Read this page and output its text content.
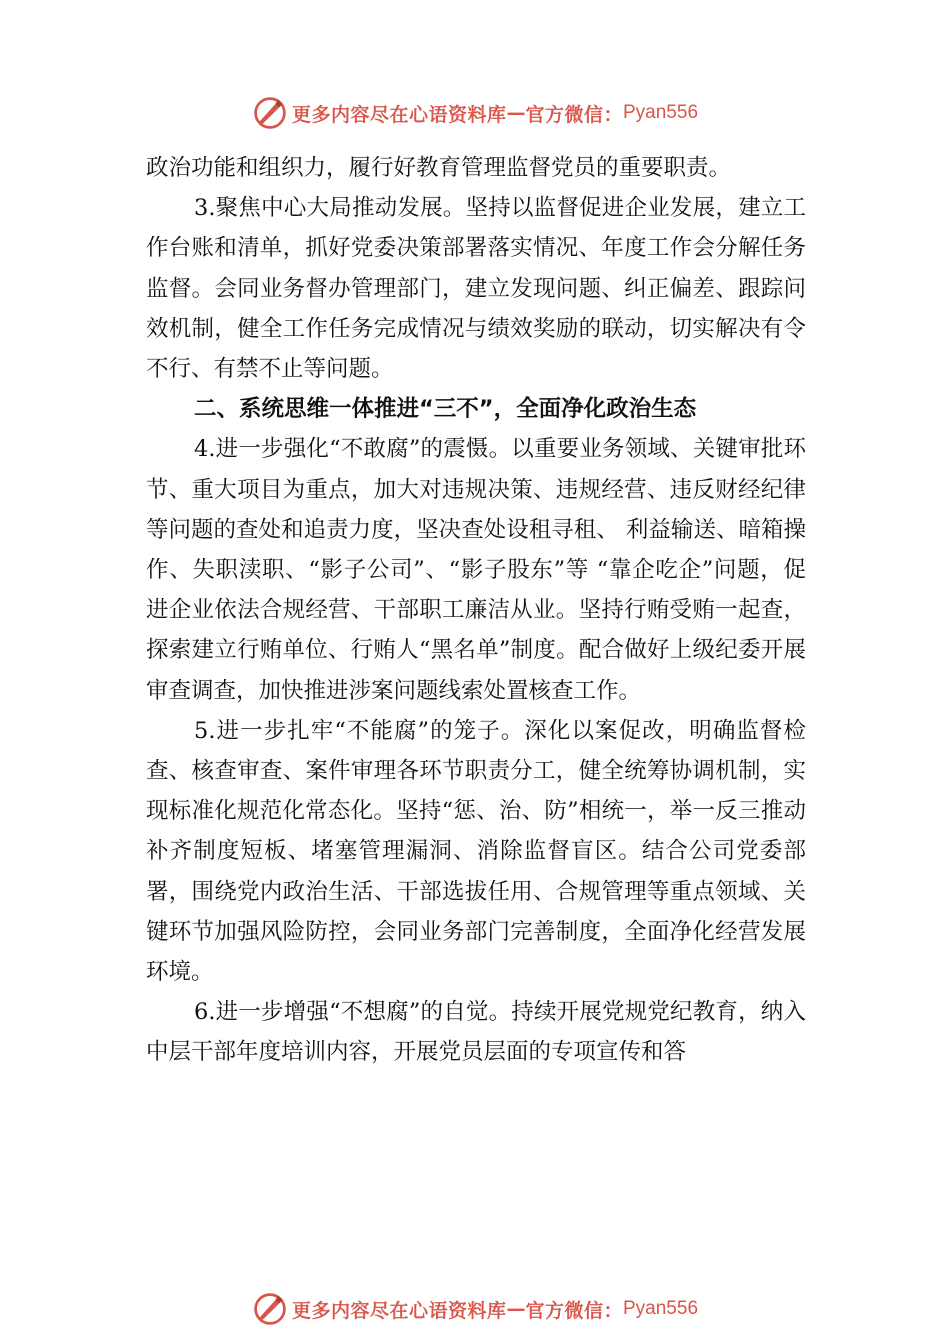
更多内容尽在心语资料库 — 官方微信： Pyan556

政治功能和组织力，履行好教育管理监督党员的重要职责。

3.聚焦中心大局推动发展。坚持以监督促进企业发展，建立工作台账和清单，抓好党委决策部署落实情况、年度工作会分解任务监督。会同业务督办管理部门，建立发现问题、纠正偏差、跟踪问效机制，健全工作任务完成情况与绩效奖励的联动，切实解决有令不行、有禁不止等问题。

二、系统思维一体推进“三不”，全面净化政治生态

4.进一步强化“不敢腐”的震慑。以重要业务领域、关键审批环节、重大项目为重点，加大对违规决策、违规经营、违反财经纪律等问题的查处和追责力度，坚决查处设租寻租、 利益输送、暗箱操作、失职渎职、“影子公司”、“影子股东”等 “靠企吃企”问题，促进企业依法合规经营、干部职工廉洁从业。坚持行贿受贿一起查，探索建立行贿单位、行贿人“黑名单”制度。配合做好上级纪委开展审查调查，加快推进涉案问题线索处置核查工作。

5.进一步扎牢“不能腐”的笼子。深化以案促改，明确监督检查、核查审查、案件审理各环节职责分工，健全统筹协调机制，实现标准化规范化常态化。坚持“惩、治、防”相统一，举一反三推动补齐制度短板、堵塞管理漏洞、消除监督盲区。结合公司党委部署，围绕党内政治生活、干部选拔任用、合规管理等重点领域、关键环节加强风险防控，会同业务部门完善制度，全面净化经营发展环境。

6.进一步增强“不想腐”的自觉。持续开展党规党纪教育，纳入中层干部年度培训内容，开展党员层面的专项宣传和答

更多内容尽在心语资料库 — 官方微信： Pyan556
